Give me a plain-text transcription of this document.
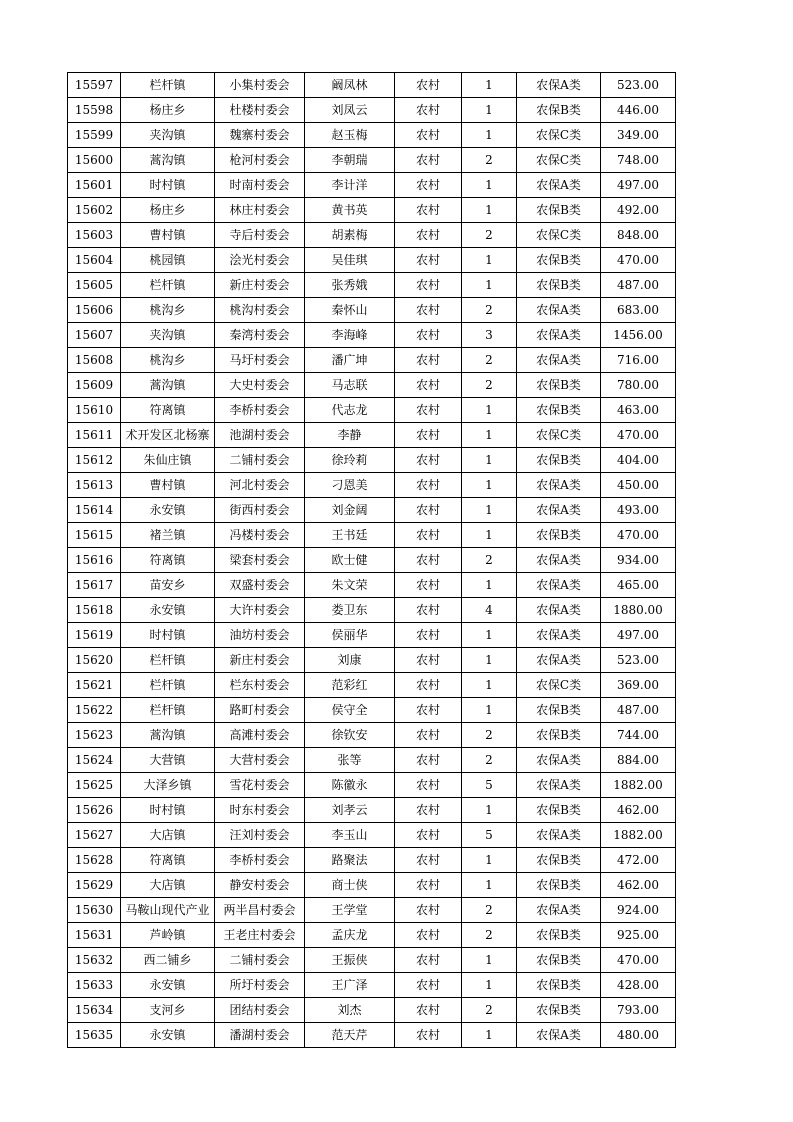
15597	栏杆镇	小集村委会	阚凤林	农村	1	农保A类	523.00
15598	杨庄乡	杜楼村委会	刘凤云	农村	1	农保B类	446.00
15599	夹沟镇	魏寨村委会	赵玉梅	农村	1	农保C类	349.00
15600	蒿沟镇	枪河村委会	李朝瑞	农村	2	农保C类	748.00
15601	时村镇	时南村委会	李计洋	农村	1	农保A类	497.00
15602	杨庄乡	林庄村委会	黄书英	农村	1	农保B类	492.00
15603	曹村镇	寺后村委会	胡素梅	农村	2	农保C类	848.00
15604	桃园镇	浍光村委会	吴佳琪	农村	1	农保B类	470.00
15605	栏杆镇	新庄村委会	张秀娥	农村	1	农保B类	487.00
15606	桃沟乡	桃沟村委会	秦怀山	农村	2	农保A类	683.00
15607	夹沟镇	秦湾村委会	李海峰	农村	3	农保A类	1456.00
15608	桃沟乡	马圩村委会	潘广坤	农村	2	农保A类	716.00
15609	蒿沟镇	大史村委会	马志联	农村	2	农保B类	780.00
15610	符离镇	李桥村委会	代志龙	农村	1	农保B类	463.00
15611	术开发区北杨寨	池湖村委会	李静	农村	1	农保C类	470.00
15612	朱仙庄镇	二铺村委会	徐玲莉	农村	1	农保B类	404.00
15613	曹村镇	河北村委会	刁恩美	农村	1	农保A类	450.00
15614	永安镇	街西村委会	刘金阔	农村	1	农保A类	493.00
15615	褚兰镇	冯楼村委会	王书廷	农村	1	农保B类	470.00
15616	符离镇	梁套村委会	欧士健	农村	2	农保A类	934.00
15617	苗安乡	双盛村委会	朱文荣	农村	1	农保A类	465.00
15618	永安镇	大许村委会	娄卫东	农村	4	农保A类	1880.00
15619	时村镇	油坊村委会	侯丽华	农村	1	农保A类	497.00
15620	栏杆镇	新庄村委会	刘康	农村	1	农保A类	523.00
15621	栏杆镇	栏东村委会	范彩红	农村	1	农保C类	369.00
15622	栏杆镇	路町村委会	侯守全	农村	1	农保B类	487.00
15623	蒿沟镇	高滩村委会	徐钦安	农村	2	农保B类	744.00
15624	大营镇	大营村委会	张等	农村	2	农保A类	884.00
15625	大泽乡镇	雪花村委会	陈徽永	农村	5	农保A类	1882.00
15626	时村镇	时东村委会	刘孝云	农村	1	农保B类	462.00
15627	大店镇	汪刘村委会	李玉山	农村	5	农保A类	1882.00
15628	符离镇	李桥村委会	路聚法	农村	1	农保B类	472.00
15629	大店镇	静安村委会	商士侠	农村	1	农保B类	462.00
15630	马鞍山现代产业	两半昌村委会	王学堂	农村	2	农保A类	924.00
15631	芦岭镇	王老庄村委会	孟庆龙	农村	2	农保B类	925.00
15632	西二铺乡	二铺村委会	王振侠	农村	1	农保B类	470.00
15633	永安镇	所圩村委会	王广泽	农村	1	农保B类	428.00
15634	支河乡	团结村委会	刘杰	农村	2	农保B类	793.00
15635	永安镇	潘湖村委会	范天芹	农村	1	农保A类	480.00
